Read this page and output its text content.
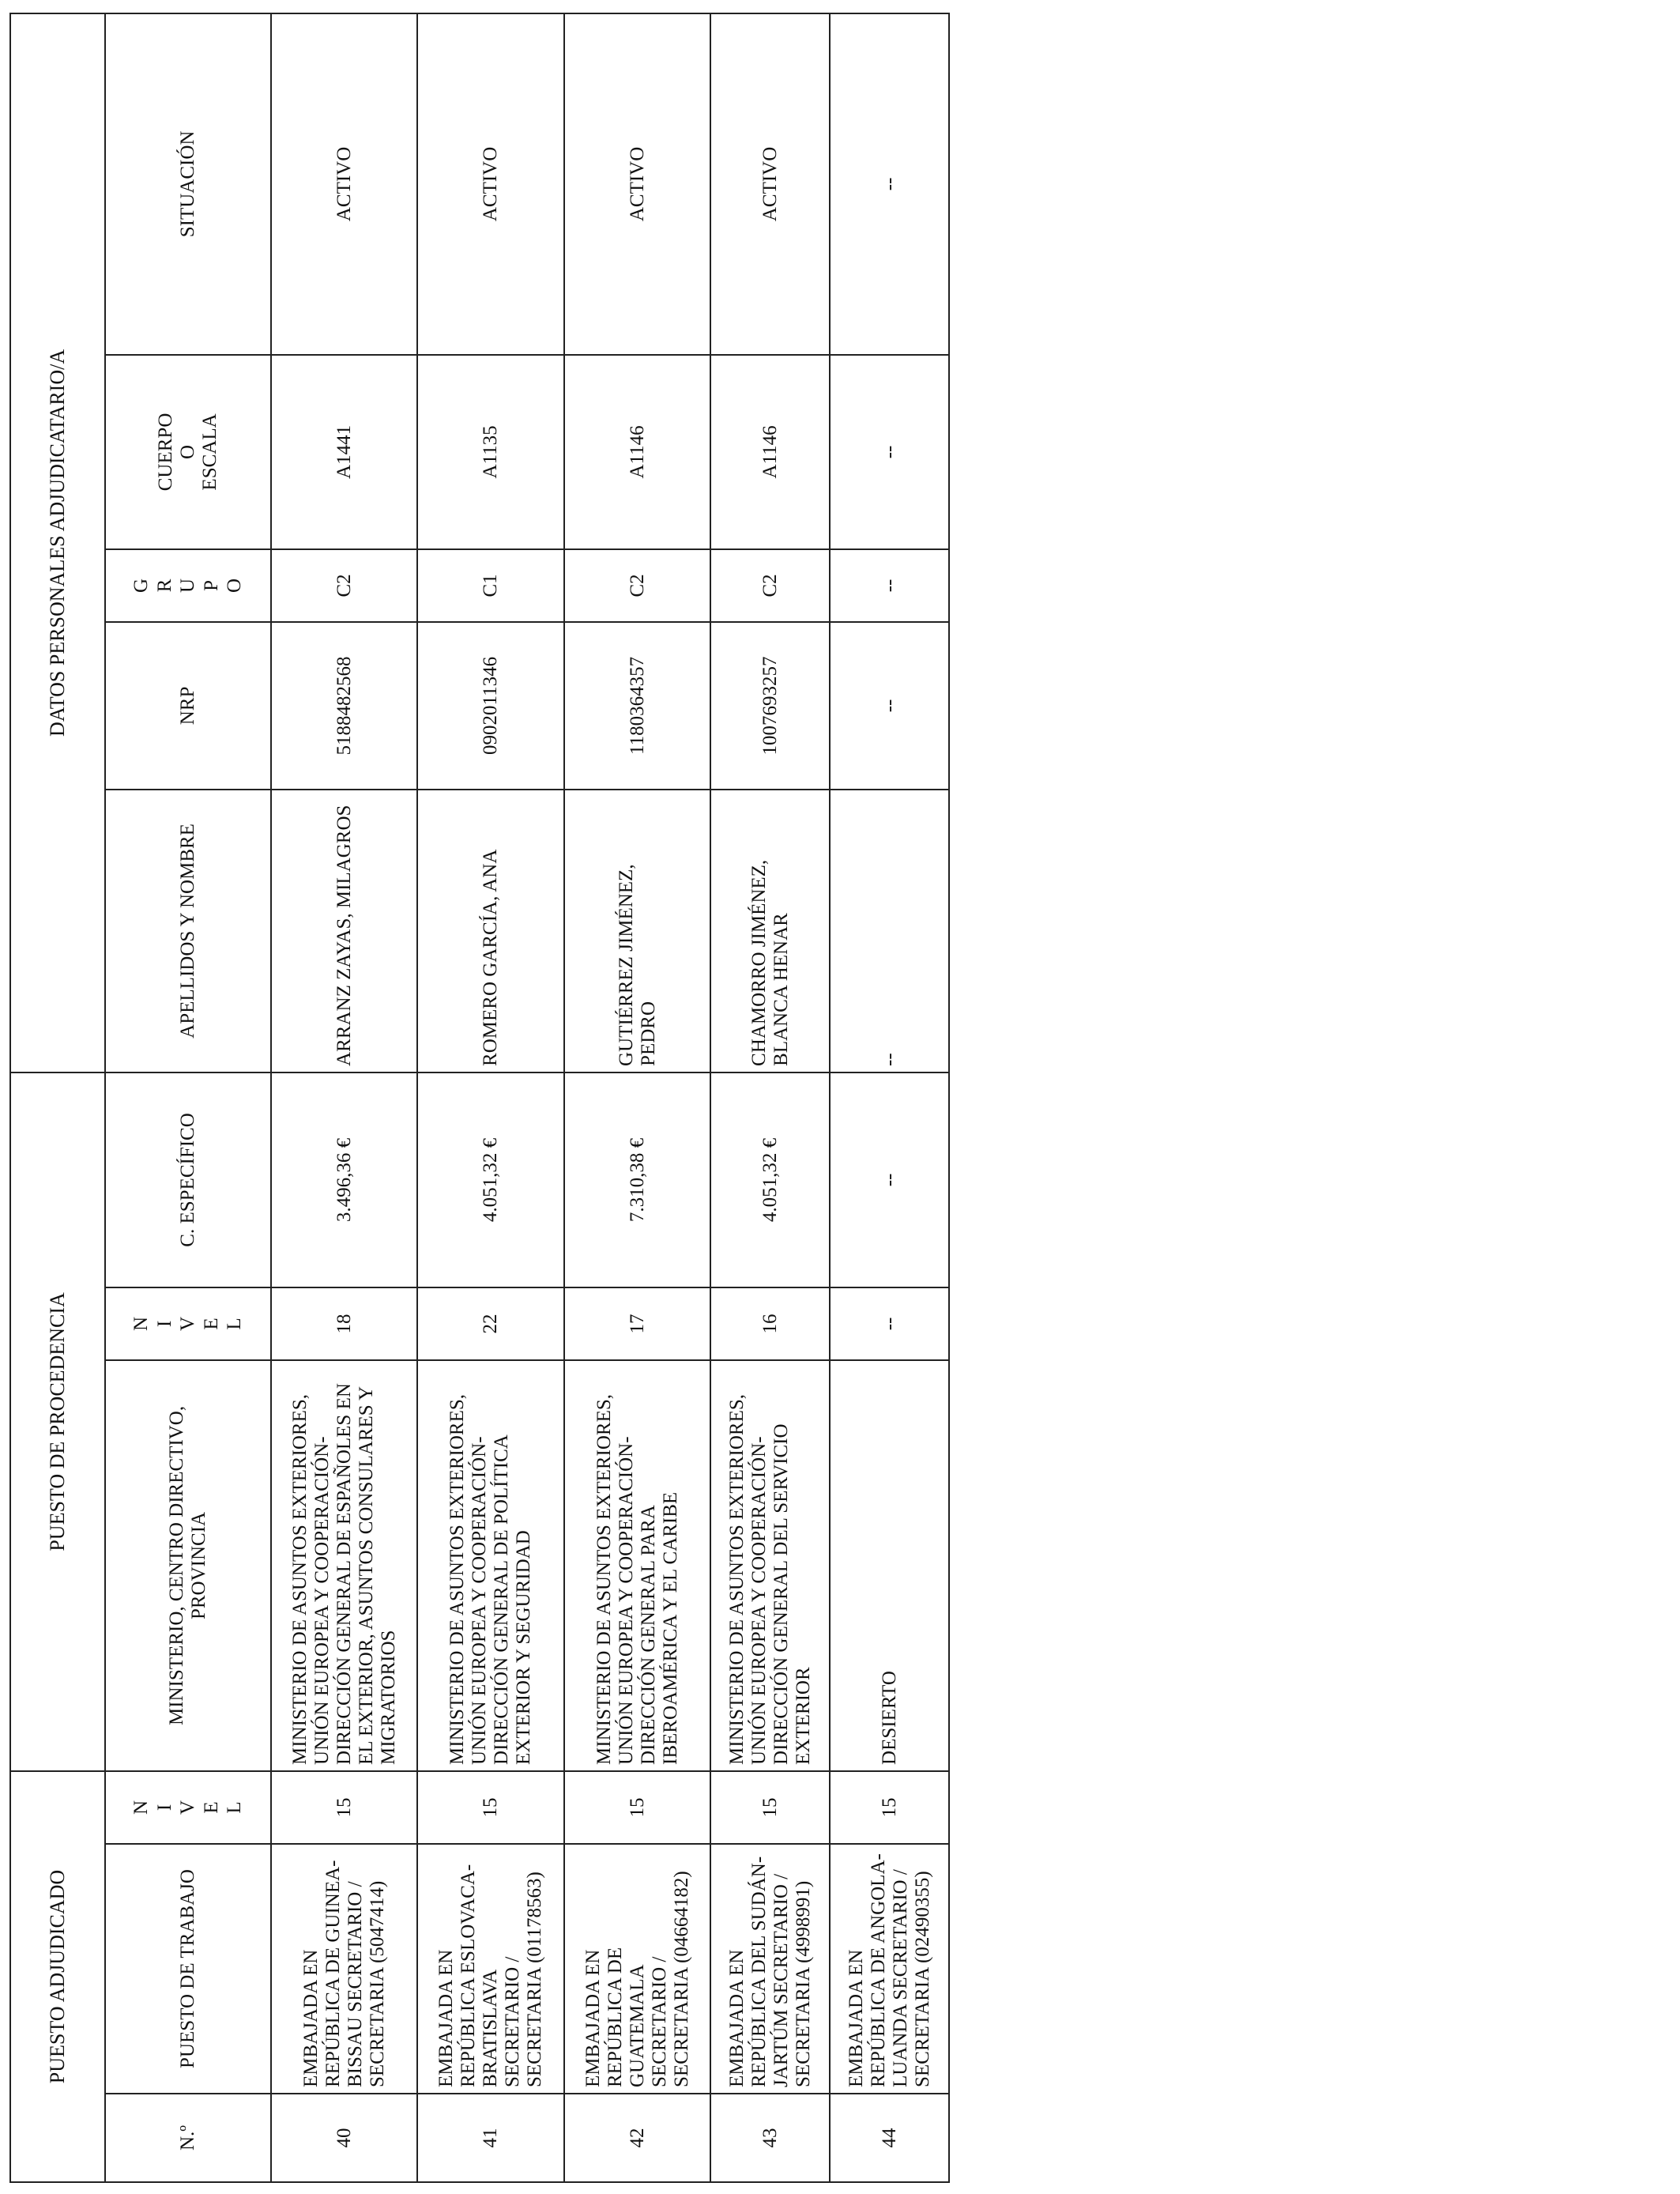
PUESTO ADJUDICADO			PUESTO DE PROCEDENCIA			DATOS PERSONALES ADJUDICATARIO/A				
N.º	PUESTO DE TRABAJO	N I V E L	MINISTERIO, CENTRO DIRECTIVO, PROVINCIA	N I V E L	C. ESPECÍFICO	APELLIDOS Y NOMBRE	NRP	G R U P O	CUERPO
O
ESCALA	SITUACIÓN
40	EMBAJADA EN REPÚBLICA DE GUINEA-BISSAU SECRETARIO / SECRETARIA (5047414)	15	MINISTERIO DE ASUNTOS EXTERIORES, UNIÓN EUROPEA Y COOPERACIÓN-DIRECCIÓN GENERAL DE ESPAÑOLES EN EL EXTERIOR, ASUNTOS CONSULARES Y MIGRATORIOS	18	3.496,36 €	ARRANZ ZAYAS, MILAGROS	5188482568	C2	A1441	ACTIVO
41	EMBAJADA EN REPÚBLICA ESLOVACA-BRATISLAVA SECRETARIO / SECRETARIA (01178563)	15	MINISTERIO DE ASUNTOS EXTERIORES, UNIÓN EUROPEA Y COOPERACIÓN-DIRECCIÓN GENERAL DE POLÍTICA EXTERIOR Y SEGURIDAD	22	4.051,32 €	ROMERO GARCÍA, ANA	0902011346	C1	A1135	ACTIVO
42	EMBAJADA EN REPÚBLICA DE GUATEMALA SECRETARIO / SECRETARIA (04664182)	15	MINISTERIO DE ASUNTOS EXTERIORES, UNIÓN EUROPEA Y COOPERACIÓN-DIRECCIÓN GENERAL PARA IBEROAMÉRICA Y EL CARIBE	17	7.310,38 €	GUTIÉRREZ JIMÉNEZ, PEDRO	1180364357	C2	A1146	ACTIVO
43	EMBAJADA EN REPÚBLICA DEL SUDÁN-JARTÚM SECRETARIO / SECRETARIA (4998991)	15	MINISTERIO DE ASUNTOS EXTERIORES, UNIÓN EUROPEA Y COOPERACIÓN-DIRECCIÓN GENERAL DEL SERVICIO EXTERIOR	16	4.051,32 €	CHAMORRO JIMÉNEZ, BLANCA HENAR	1007693257	C2	A1146	ACTIVO
44	EMBAJADA EN REPÚBLICA DE ANGOLA-LUANDA SECRETARIO / SECRETARIA (02490355)	15	DESIERTO	--	--	--	--	--	--	--
